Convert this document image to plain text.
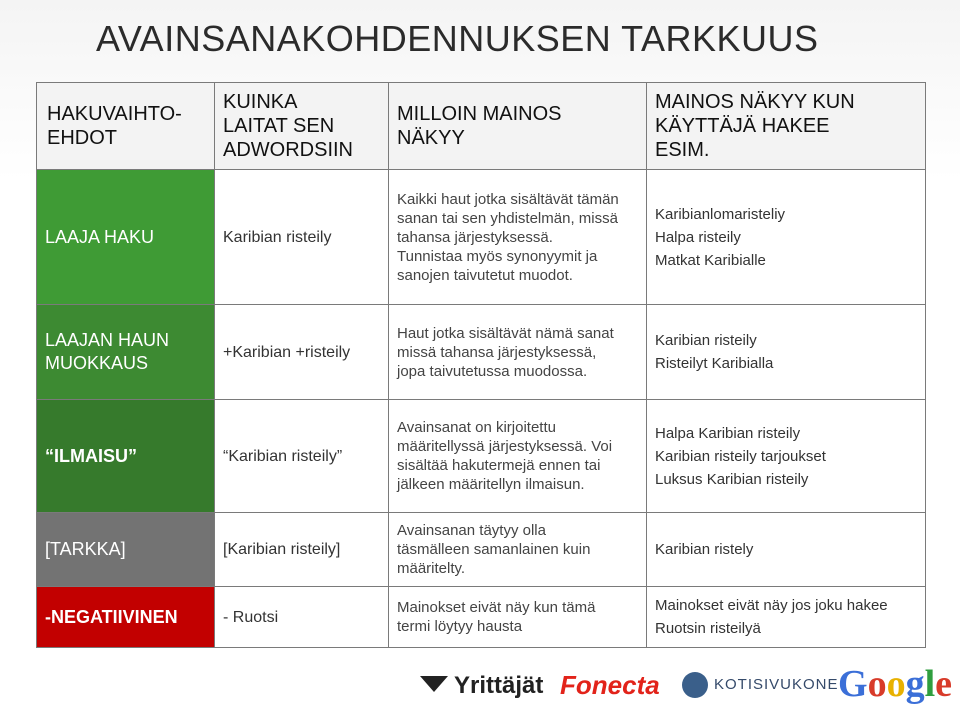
AVAINSANAKOHDENNUKSEN TARKKUUS
HAKUVAIHTO-
EHDOT	KUINKA
LAITAT SEN
ADWORDSIIN	MILLOIN MAINOS
NÄKYY	MAINOS NÄKYY KUN
KÄYTTÄJÄ HAKEE
ESIM.

LAAJA HAKU	Karibian risteily	Kaikki haut jotka sisältävät tämän
sanan tai sen yhdistelmän, missä
tahansa järjestyksessä.
Tunnistaa myös synonyymit ja
sanojen taivutetut muodot.	Karibianlomaristeliy
Halpa risteily
Matkat Karibialle

LAAJAN HAUN
MUOKKAUS	+Karibian +risteily	Haut jotka sisältävät nämä sanat
missä tahansa järjestyksessä,
jopa taivutetussa muodossa.	Karibian risteily
Risteilyt Karibialla

“ILMAISU”	“Karibian risteily”	Avainsanat on kirjoitettu
määritellyssä järjestyksessä. Voi
sisältää hakutermejä ennen tai
jälkeen määritellyn ilmaisun.	Halpa Karibian risteily
Karibian risteily tarjoukset
Luksus Karibian risteily

[TARKKA]	[Karibian risteily]	Avainsanan täytyy olla
täsmälleen samanlainen kuin
määritelty.	Karibian ristely

-NEGATIIVINEN	- Ruotsi	Mainokset eivät näy kun tämä
termi löytyy hausta	Mainokset eivät näy jos joku hakee
Ruotsin risteilyä
Yrittäjät Fonecta	KOTISIVUKONE Google
